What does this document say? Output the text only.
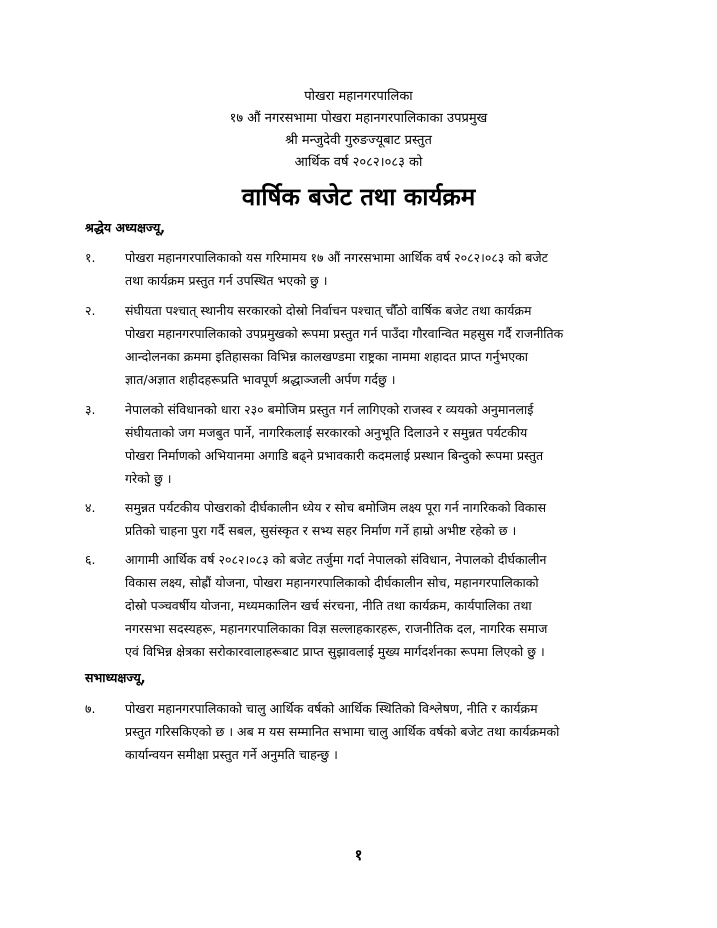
पोखरा महानगरपालिका
१७ औं नगरसभामा पोखरा महानगरपालिकाका उपप्रमुख
श्री मन्जुदेवी गुरुङज्यूबाट प्रस्तुत
आर्थिक वर्ष २०८२।०८३ को
वार्षिक बजेट तथा कार्यक्रम
श्रद्धेय अध्यक्षज्यू,
१.	पोखरा महानगरपालिकाको यस गरिमामय १७ औं नगरसभामा आर्थिक वर्ष २०८२।०८३ को बजेट
तथा कार्यक्रम प्रस्तुत गर्न उपस्थित भएको छु ।
२.	संघीयता पश्चात् स्थानीय सरकारको दोस्रो निर्वाचन पश्चात् चौँठो वार्षिक बजेट तथा कार्यक्रम
पोखरा महानगरपालिकाको उपप्रमुखको रूपमा प्रस्तुत गर्न पाउँदा गौरवान्वित महसुस गर्दै राजनीतिक
आन्दोलनका क्रममा इतिहासका विभिन्न कालखण्डमा राष्ट्रका नाममा शहादत प्राप्त गर्नुभएका
ज्ञात/अज्ञात शहीदहरूप्रति भावपूर्ण श्रद्धाञ्जली अर्पण गर्दछु ।
३.	नेपालको संविधानको धारा २३० बमोजिम प्रस्तुत गर्न लागिएको राजस्व र व्ययको अनुमानलाई
संघीयताको जग मजबुत पार्ने, नागरिकलाई सरकारको अनुभूति दिलाउने र समुन्नत पर्यटकीय
पोखरा निर्माणको अभियानमा अगाडि बढ्ने प्रभावकारी कदमलाई प्रस्थान बिन्दुको रूपमा प्रस्तुत
गरेको छु ।
४.	समुन्नत पर्यटकीय पोखराको दीर्घकालीन ध्येय र सोच बमोजिम लक्ष्य पूरा गर्न नागरिकको विकास
प्रतिको चाहना पुरा गर्दै सबल, सुसंस्कृत र सभ्य सहर निर्माण गर्ने हाम्रो अभीष्ट रहेको छ ।
६.	आगामी आर्थिक वर्ष २०८२।०८३ को बजेट तर्जुमा गर्दा नेपालको संविधान, नेपालको दीर्घकालीन
विकास लक्ष्य, सोह्रौं योजना, पोखरा महानगरपालिकाको दीर्घकालीन सोच, महानगरपालिकाको
दोस्रो पञ्चवर्षीय योजना, मध्यमकालिन खर्च संरचना, नीति तथा कार्यक्रम, कार्यपालिका तथा
नगरसभा सदस्यहरू, महानगरपालिकाका विज्ञ सल्लाहकारहरू, राजनीतिक दल, नागरिक समाज
एवं विभिन्न क्षेत्रका सरोकारवालाहरूबाट प्राप्त सुझावलाई मुख्य मार्गदर्शनका रूपमा लिएको छु ।
सभाध्यक्षज्यू,
७.	पोखरा महानगरपालिकाको चालु आर्थिक वर्षको आर्थिक स्थितिको विश्लेषण, नीति र कार्यक्रम
प्रस्तुत गरिसकिएको छ । अब म यस सम्मानित सभामा चालु आर्थिक वर्षको बजेट तथा कार्यक्रमको
कार्यान्वयन समीक्षा प्रस्तुत गर्ने अनुमति चाहन्छु ।
१
